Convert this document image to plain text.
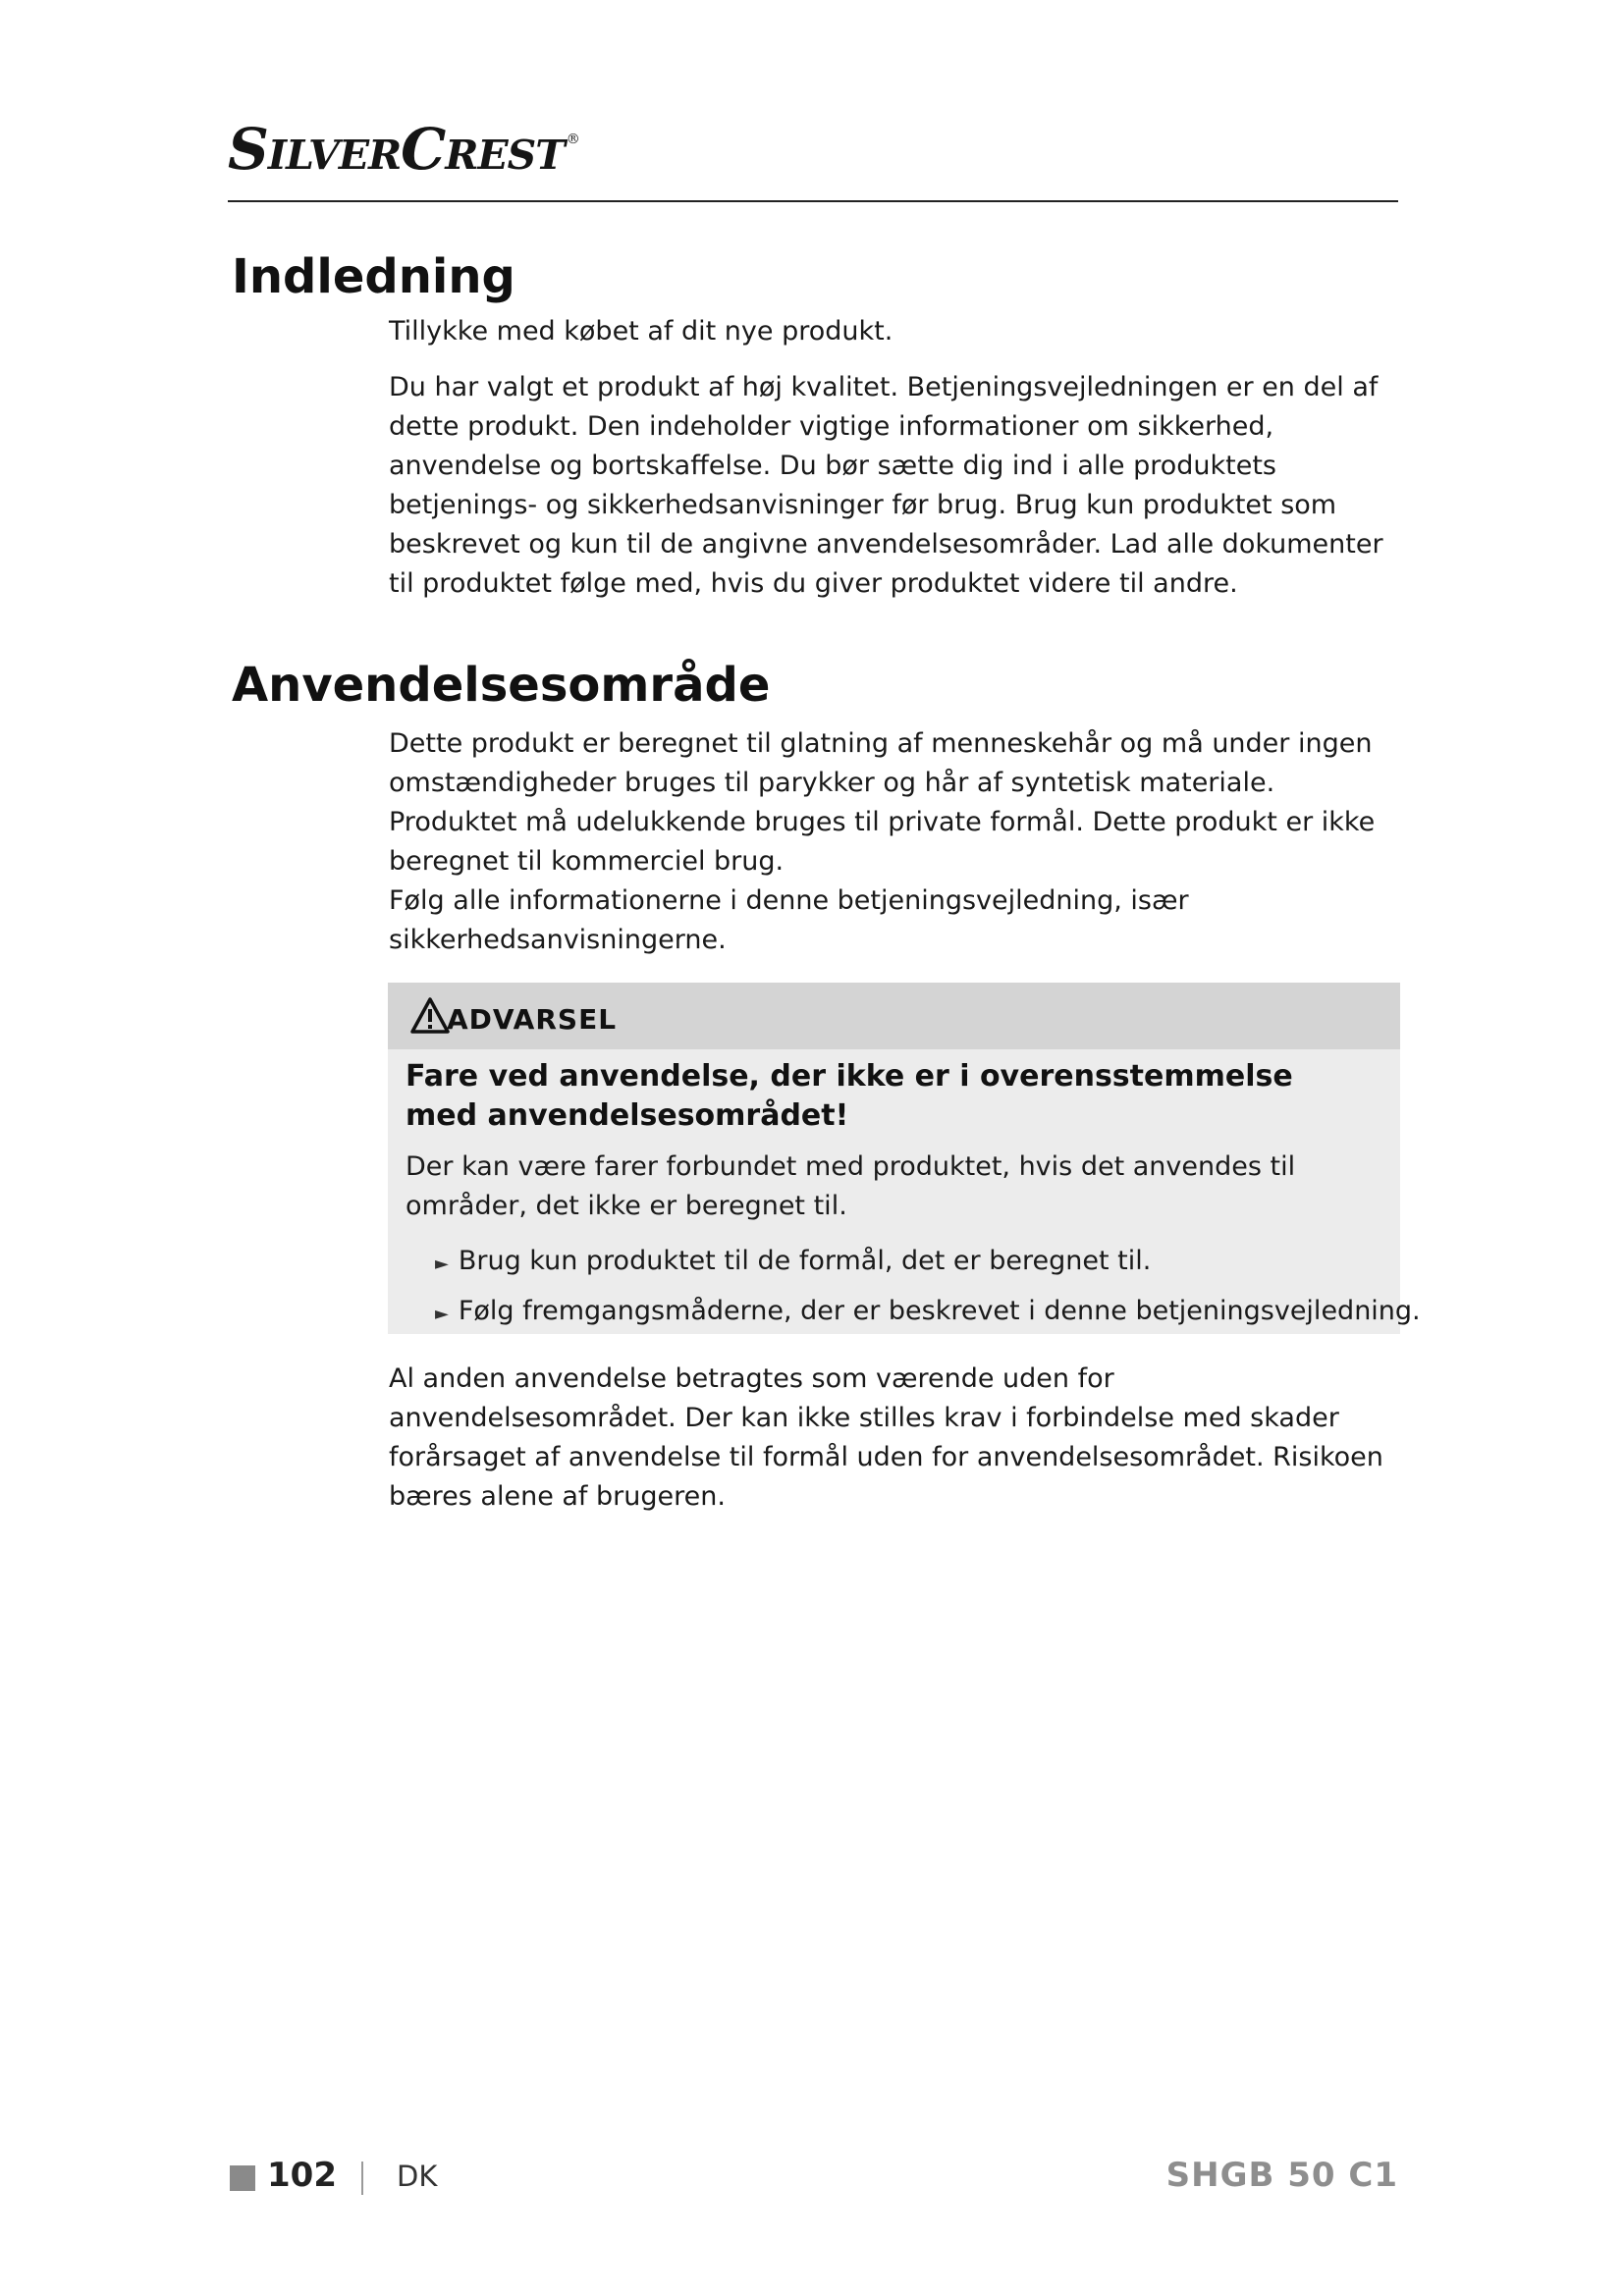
SilverCrest ®
Indledning

Tillykke med købet af dit nye produkt.

Du har valgt et produkt af høj kvalitet. Betjeningsvejledningen er en del af dette produkt. Den indeholder vigtige informationer om sikkerhed, anvendelse og bortskaffelse. Du bør sætte dig ind i alle produktets betjenings- og sikkerhedsanvisninger før brug. Brug kun produktet som beskrevet og kun til de angivne anvendelsesområder. Lad alle dokumenter til produktet følge med, hvis du giver produktet videre til andre.

Anvendelsesområde

Dette produkt er beregnet til glatning af menneskehår og må under ingen omstændigheder bruges til parykker og hår af syntetisk materiale.

Produktet må udelukkende bruges til private formål. Dette produkt er ikke beregnet til kommerciel brug.

Følg alle informationerne i denne betjeningsvejledning, især sikkerhedsanvisningerne.

ADVARSEL
Fare ved anvendelse, der ikke er i overensstemmelse med anvendelsesområdet!
Der kan være farer forbundet med produktet, hvis det anvendes til områder, det ikke er beregnet til.
► Brug kun produktet til de formål, det er beregnet til.
► Følg fremgangsmåderne, der er beskrevet i denne betjeningsvejledning.

Al anden anvendelse betragtes som værende uden for anvendelsesområdet. Der kan ikke stilles krav i forbindelse med skader forårsaget af anvendelse til formål uden for anvendelsesområdet. Risikoen bæres alene af brugeren.

102 DK	SHGB 50 C1
